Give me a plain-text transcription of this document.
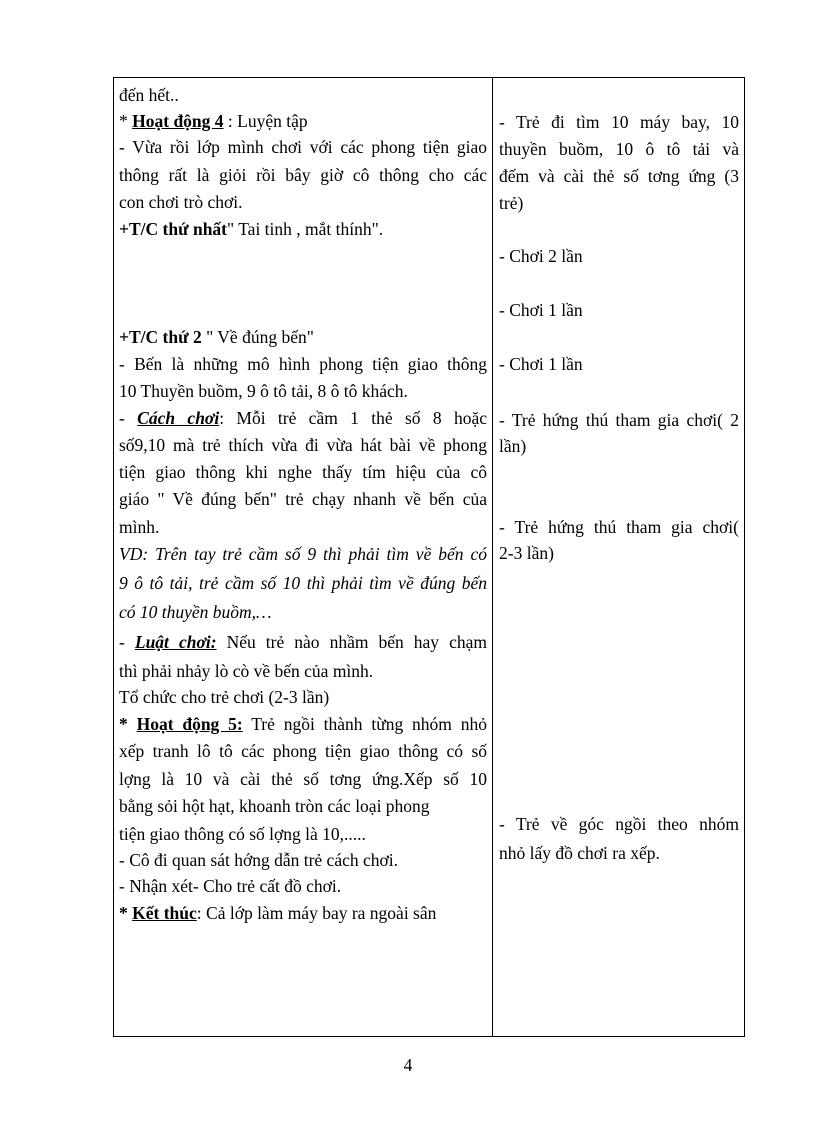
đến hết..
* Hoạt động 4 : Luyện tập
- Vừa rồi lớp mình chơi với các phong tiện giao
thông rất là giỏi rồi bây giờ cô thông cho các
con chơi trò chơi.
+T/C thứ nhất" Tai tinh , mắt thính".
+T/C thứ 2 " Về đúng bến"
- Bến là những mô hình phong tiện giao thông
10 Thuyền buồm, 9 ô tô tải, 8 ô tô khách.
- Cách chơi: Mỗi trẻ cầm 1 thẻ số 8 hoặc
số9,10 mà trẻ thích vừa đi vừa hát bài về phong
tiện giao thông khi nghe thấy tím hiệu của cô
giáo " Về đúng bến" trẻ chạy nhanh về bến của
mình.
VD: Trên tay trẻ cầm số 9 thì phải tìm về bến có
9 ô tô tải, trẻ cầm số 10 thì phải tìm về đúng bến
có 10 thuyền buồm,…
- Luật chơi: Nếu trẻ nào nhầm bến hay chạm
thì phải nhảy lò cò về bến của mình.
Tổ chức cho trẻ chơi (2-3 lần)
* Hoạt động 5: Trẻ ngồi thành từng nhóm nhỏ
xếp tranh lô tô các phong tiện giao thông có số
lợng là 10 và cài thẻ số tơng ứng.Xếp số 10
bằng sỏi hột hạt, khoanh tròn các loại phong
tiện giao thông có số lợng là 10,.....
- Cô đi quan sát hớng dẫn trẻ cách chơi.
- Nhận xét- Cho trẻ cất đồ chơi.
* Kết thúc: Cả lớp làm máy bay ra ngoài sân
- Trẻ đi tìm 10 máy bay, 10
thuyền buồm, 10 ô tô tải và
đếm và cài thẻ số tơng ứng (3
trẻ)
- Chơi 2 lần
- Chơi 1 lần
- Chơi 1 lần
- Trẻ hứng thú tham gia chơi( 2
lần)
- Trẻ hứng thú tham gia chơi(
2-3 lần)
- Trẻ về góc ngồi theo nhóm
nhỏ lấy đồ chơi ra xếp.
4
